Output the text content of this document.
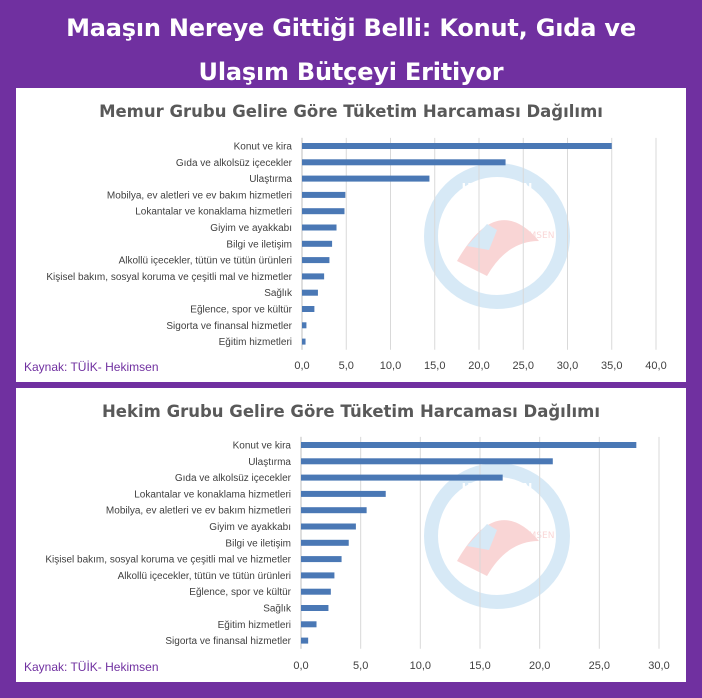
Maaşın Nereye Gittiği Belli: Konut, Gıda ve
Ulaşım Bütçeyi Eritiyor
HEKİMSEN
HEKİMSEN
2019
Memur Grubu Gelire Göre Tüketim Harcaması Dağılımı
0,0	5,0 10,0 15,0 20,0 25,0 30,0 35,0 40,0
Konut ve kira
Gıda ve alkolsüz içecekler
Ulaştırma
Mobilya, ev aletleri ve ev bakım hizmetleri
Lokantalar ve konaklama hizmetleri
Giyim ve ayakkabı
Bilgi ve iletişim
Alkollü içecekler, tütün ve tütün ürünleri
Kişisel bakım, sosyal koruma ve çeşitli mal ve hizmetler
Sağlık
Eğlence, spor ve kültür
Sigorta ve finansal hizmetler
Eğitim hizmetleri
Kaynak: TÜİK- Hekimsen
HEKİMSEN
HEKİMSEN
2019
Hekim Grubu Gelire Göre Tüketim Harcaması Dağılımı
0,0	5,0	10,0	15,0	20,0	25,0	30,0
Konut ve kira
Ulaştırma
Gıda ve alkolsüz içecekler
Lokantalar ve konaklama hizmetleri
Mobilya, ev aletleri ve ev bakım hizmetleri
Giyim ve ayakkabı
Bilgi ve iletişim
Kişisel bakım, sosyal koruma ve çeşitli mal ve hizmetler
Alkollü içecekler, tütün ve tütün ürünleri
Eğlence, spor ve kültür
Sağlık
Eğitim hizmetleri
Sigorta ve finansal hizmetler
Kaynak: TÜİK- Hekimsen
